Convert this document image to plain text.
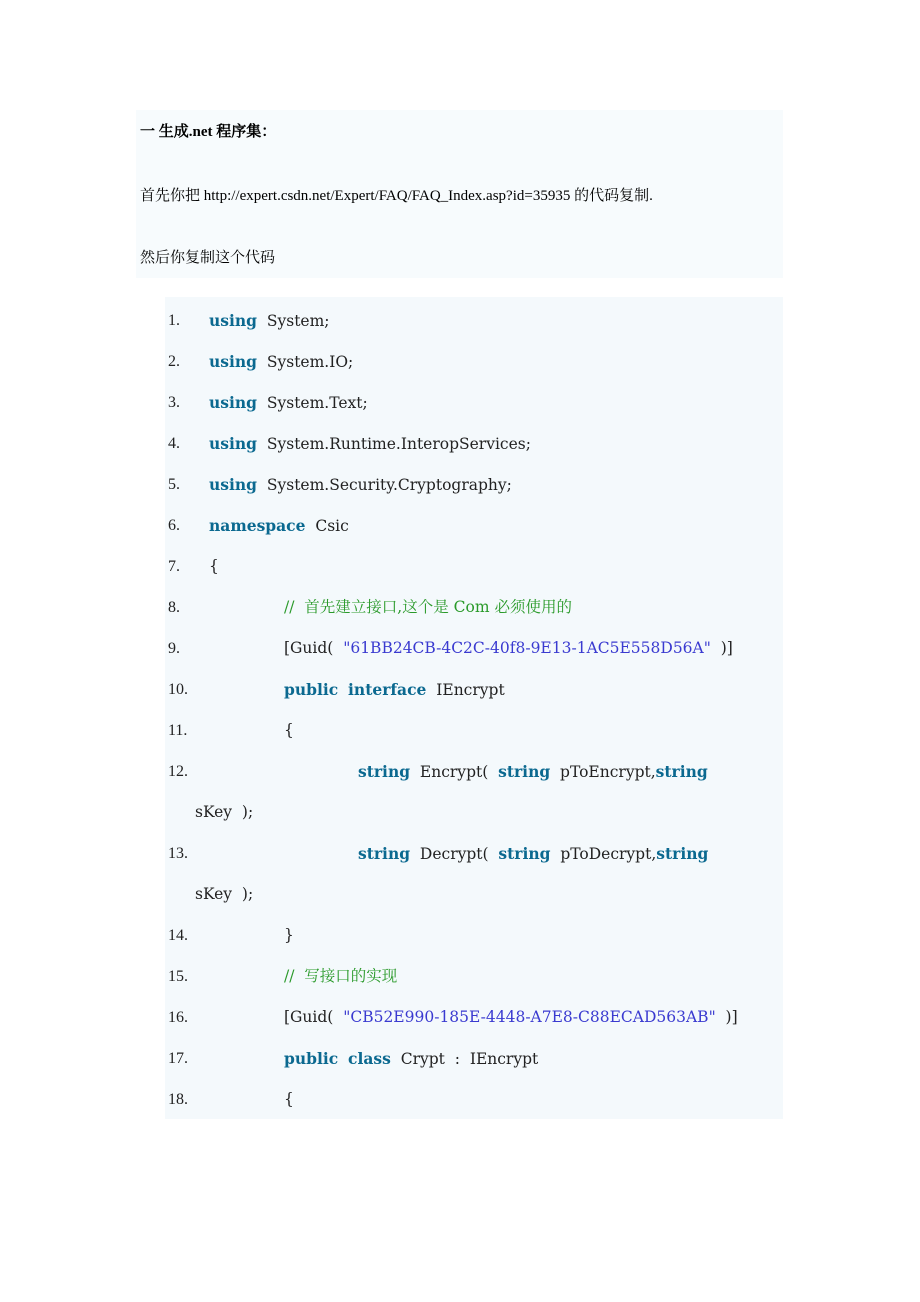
一 生成.net 程序集：
首先你把 http://expert.csdn.net/Expert/FAQ/FAQ_Index.asp?id=35935 的代码复制.
然后你复制这个代码
1. using System;
2. using System.IO;
3. using System.Text;
4. using System.Runtime.InteropServices;
5. using System.Security.Cryptography;
6. namespace Csic
7. {
8.	//  首先建立接口,这个是 Com 必须使用的
9.	[Guid(  "61BB24CB-4C2C-40f8-9E13-1AC5E558D56A"  )]
10.	public interface IEncrypt
11.	{
12.	string Encrypt(  string pToEncrypt,string
sKey  );
13.	string Decrypt(  string pToDecrypt,string
sKey  );
14.	}
15.	//  写接口的实现
16.	[Guid(  "CB52E990-185E-4448-A7E8-C88ECAD563AB"  )]
17.	public class Crypt  :  IEncrypt
18.	{
